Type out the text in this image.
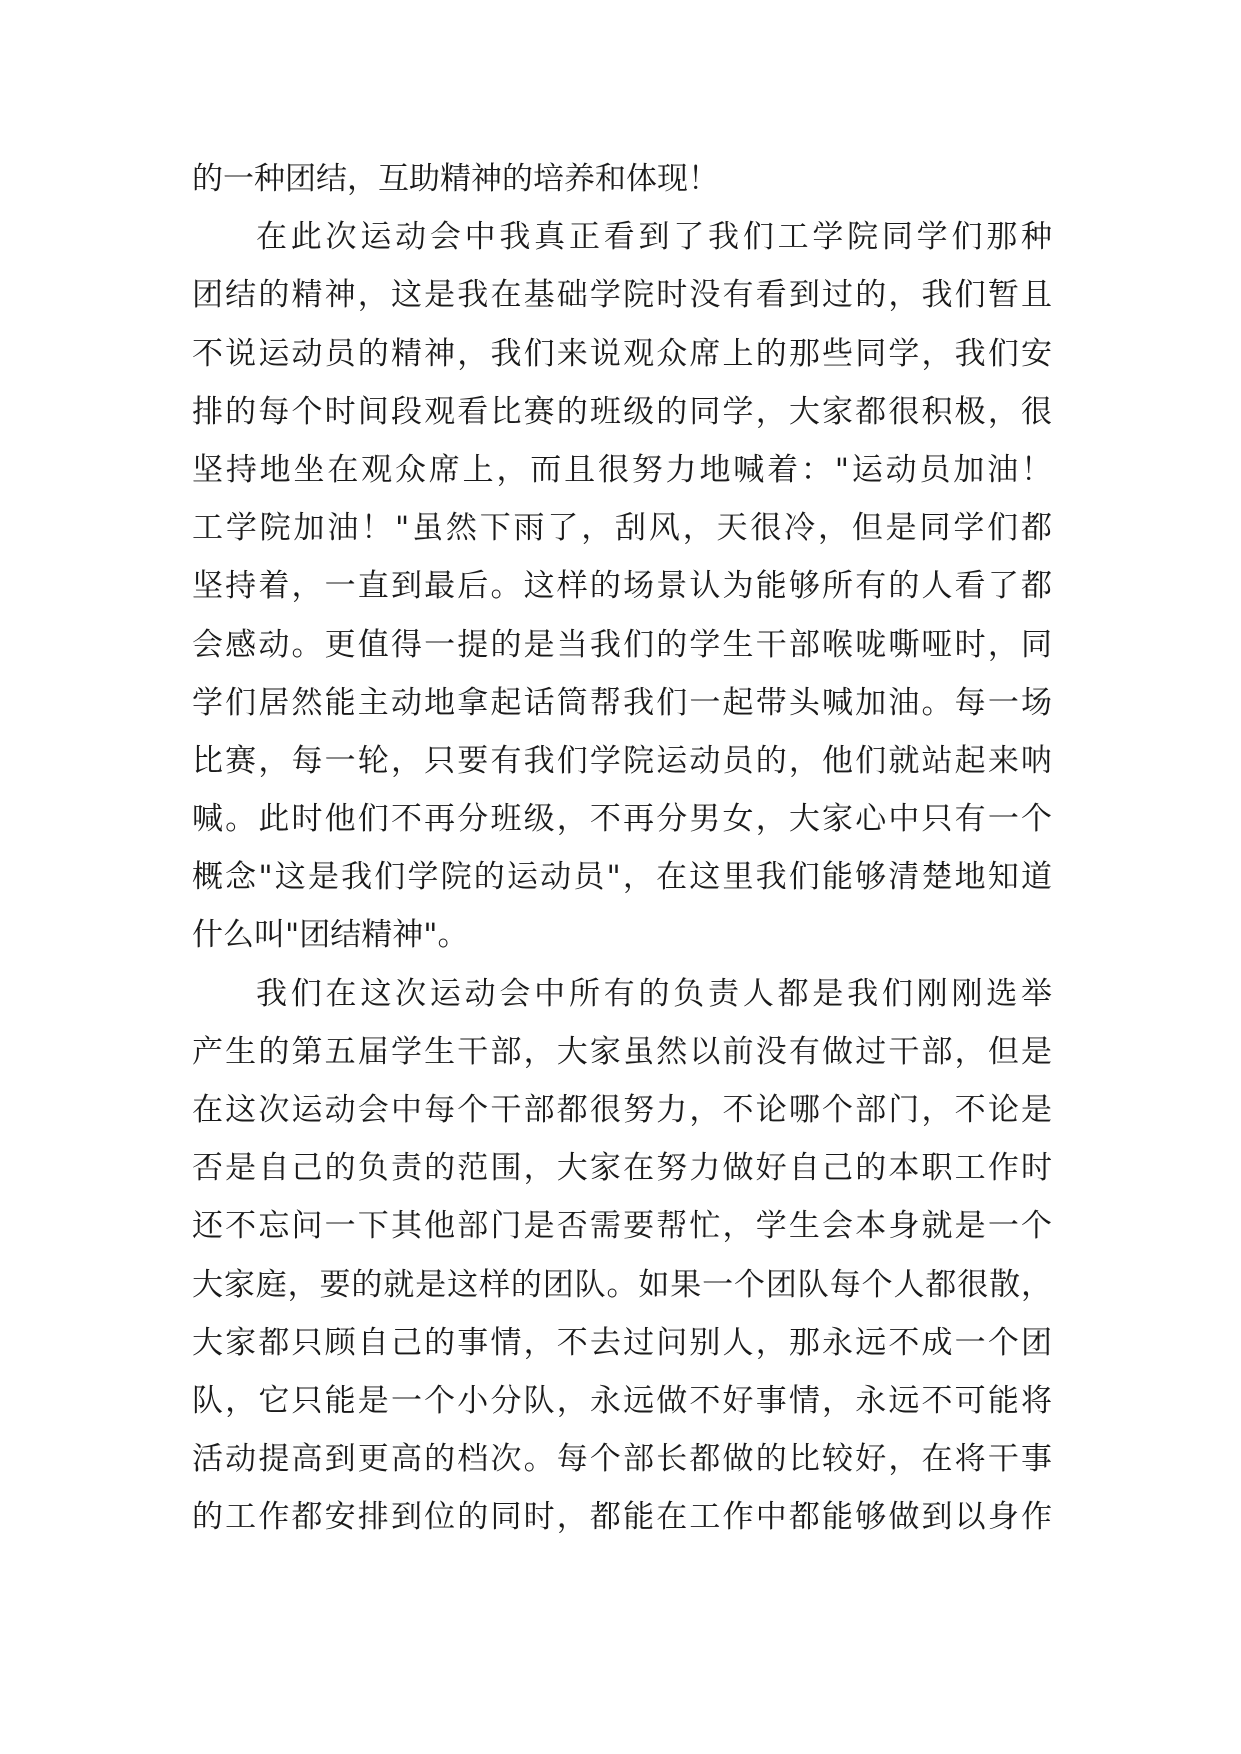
的一种团结，互助精神的培养和体现！
在此次运动会中我真正看到了我们工学院同学们那种
团结的精神，这是我在基础学院时没有看到过的，我们暂且
不说运动员的精神，我们来说观众席上的那些同学，我们安
排的每个时间段观看比赛的班级的同学，大家都很积极，很
坚持地坐在观众席上，而且很努力地喊着："运动员加油！
工学院加油！"虽然下雨了，刮风，天很冷，但是同学们都
坚持着，一直到最后。这样的场景认为能够所有的人看了都
会感动。更值得一提的是当我们的学生干部喉咙嘶哑时，同
学们居然能主动地拿起话筒帮我们一起带头喊加油。每一场
比赛，每一轮，只要有我们学院运动员的，他们就站起来呐
喊。此时他们不再分班级，不再分男女，大家心中只有一个
概念"这是我们学院的运动员"，在这里我们能够清楚地知道
什么叫"团结精神"。
我们在这次运动会中所有的负责人都是我们刚刚选举
产生的第五届学生干部，大家虽然以前没有做过干部，但是
在这次运动会中每个干部都很努力，不论哪个部门，不论是
否是自己的负责的范围，大家在努力做好自己的本职工作时
还不忘问一下其他部门是否需要帮忙，学生会本身就是一个
大家庭，要的就是这样的团队。如果一个团队每个人都很散，
大家都只顾自己的事情，不去过问别人，那永远不成一个团
队，它只能是一个小分队，永远做不好事情，永远不可能将
活动提高到更高的档次。每个部长都做的比较好，在将干事
的工作都安排到位的同时，都能在工作中都能够做到以身作
